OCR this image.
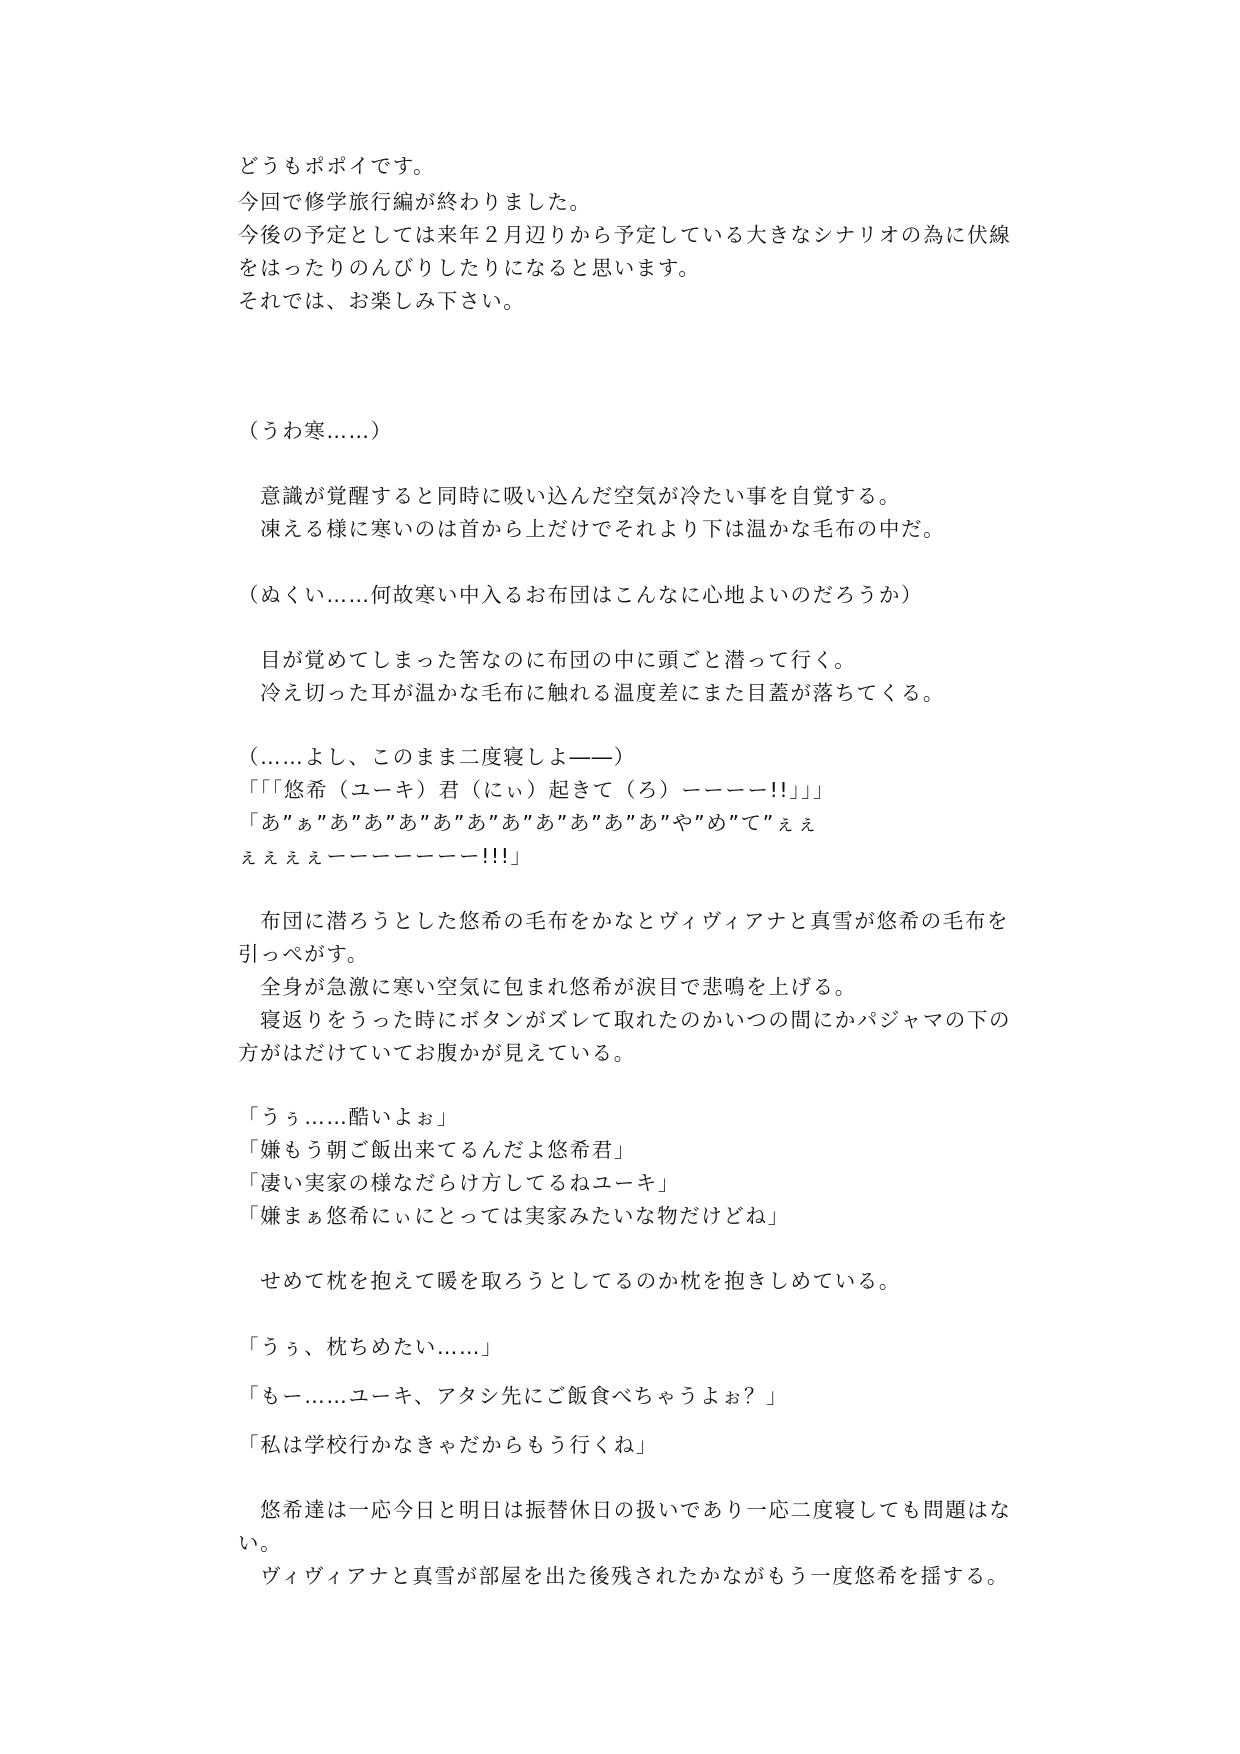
どうもポポイです。
今回で修学旅行編が終わりました。
今後の予定としては来年２月辺りから予定している大きなシナリオの為に伏線
をはったりのんびりしたりになると思います。
それでは、お楽しみ下さい。
（うわ寒……）
　意識が覚醒すると同時に吸い込んだ空気が冷たい事を自覚する。
　凍える様に寒いのは首から上だけでそれより下は温かな毛布の中だ。
（ぬくい……何故寒い中入るお布団はこんなに心地よいのだろうか）
　目が覚めてしまった筈なのに布団の中に頭ごと潜って行く。
　冷え切った耳が温かな毛布に触れる温度差にまた目蓋が落ちてくる。
（……よし、このまま二度寝しよ――）
「「「悠希（ユーキ）君（にぃ）起きて（ろ）ーーーー!!」」」
「あ”ぁ”あ”あ”あ”あ”あ”あ”あ”あ”あ”あ”や”め”て”ぇぇ
ぇぇぇぇーーーーーーー!!!」
　布団に潜ろうとした悠希の毛布をかなとヴィヴィアナと真雪が悠希の毛布を
引っぺがす。
　全身が急激に寒い空気に包まれ悠希が涙目で悲鳴を上げる。
　寝返りをうった時にボタンがズレて取れたのかいつの間にかパジャマの下の
方がはだけていてお腹かが見えている。
「うぅ……酷いよぉ」
「嫌もう朝ご飯出来てるんだよ悠希君」
「凄い実家の様なだらけ方してるねユーキ」
「嫌まぁ悠希にぃにとっては実家みたいな物だけどね」
　せめて枕を抱えて暖を取ろうとしてるのか枕を抱きしめている。
「うぅ、枕ちめたい……」
「もー……ユーキ、アタシ先にご飯食べちゃうよぉ？」
「私は学校行かなきゃだからもう行くね」
　悠希達は一応今日と明日は振替休日の扱いであり一応二度寝しても問題はな
い。
　ヴィヴィアナと真雪が部屋を出た後残されたかながもう一度悠希を揺する。
